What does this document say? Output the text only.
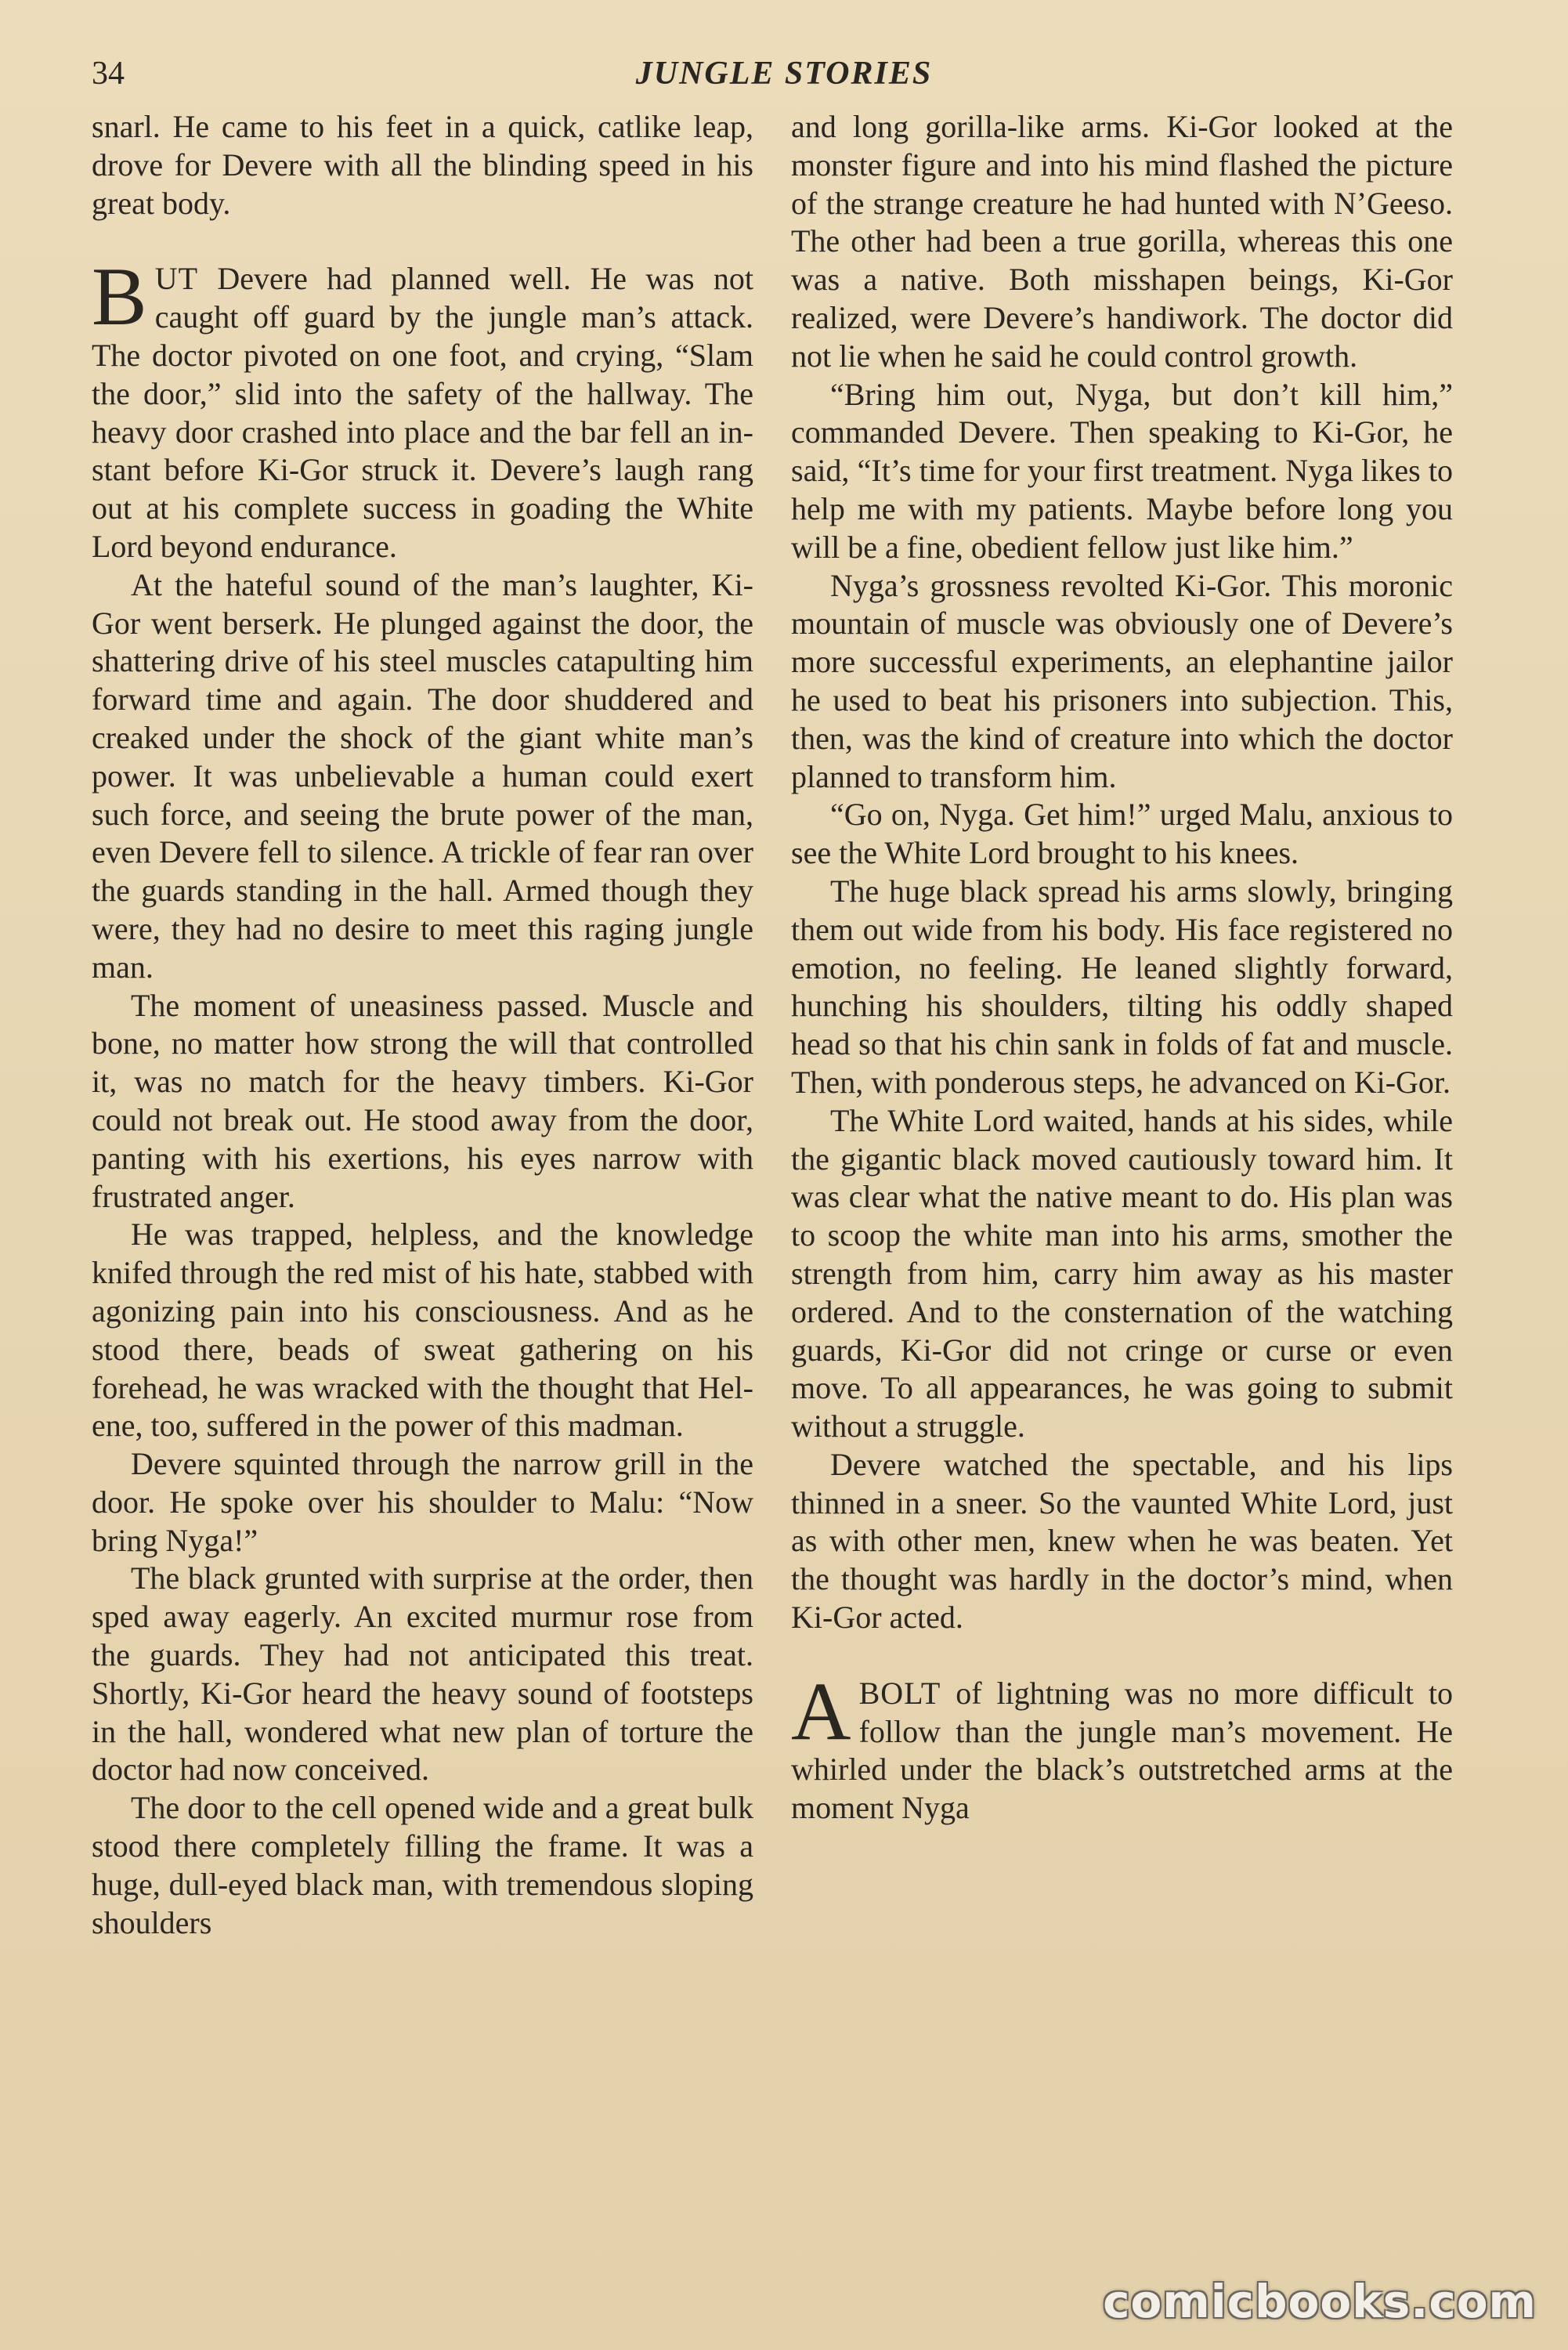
34	JUNGLE STORIES

snarl. He came to his feet in a quick, catlike leap, drove for Devere with all the blinding speed in his great body.

BUT Devere had planned well. He was not caught off guard by the jungle man’s attack. The doctor pivoted on one foot, and crying, “Slam the door,” slid into the safety of the hallway. The heavy door crashed into place and the bar fell an instant before Ki-Gor struck it. Devere’s laugh rang out at his complete success in goading the White Lord beyond endurance.

At the hateful sound of the man’s laughter, Ki-Gor went berserk. He plunged against the door, the shattering drive of his steel muscles catapulting him forward time and again. The door shuddered and creaked under the shock of the giant white man’s power. It was unbelievable a human could exert such force, and seeing the brute power of the man, even Devere fell to silence. A trickle of fear ran over the guards standing in the hall. Armed though they were, they had no desire to meet this raging jungle man.

The moment of uneasiness passed. Muscle and bone, no matter how strong the will that controlled it, was no match for the heavy timbers. Ki-Gor could not break out. He stood away from the door, panting with his exertions, his eyes narrow with frustrated anger.

He was trapped, helpless, and the knowledge knifed through the red mist of his hate, stabbed with agonizing pain into his consciousness. And as he stood there, beads of sweat gathering on his forehead, he was wracked with the thought that Helene, too, suffered in the power of this madman.

Devere squinted through the narrow grill in the door. He spoke over his shoulder to Malu: “Now bring Nyga!”

The black grunted with surprise at the order, then sped away eagerly. An excited murmur rose from the guards. They had not anticipated this treat. Shortly, Ki-Gor heard the heavy sound of footsteps in the hall, wondered what new plan of torture the doctor had now conceived.

The door to the cell opened wide and a great bulk stood there completely filling the frame. It was a huge, dull-eyed black man, with tremendous sloping shoulders

and long gorilla-like arms. Ki-Gor looked at the monster figure and into his mind flashed the picture of the strange creature he had hunted with N’Geeso. The other had been a true gorilla, whereas this one was a native. Both misshapen beings, Ki-Gor realized, were Devere’s handiwork. The doctor did not lie when he said he could control growth.

“Bring him out, Nyga, but don’t kill him,” commanded Devere. Then speaking to Ki-Gor, he said, “It’s time for your first treatment. Nyga likes to help me with my patients. Maybe before long you will be a fine, obedient fellow just like him.”

Nyga’s grossness revolted Ki-Gor. This moronic mountain of muscle was obviously one of Devere’s more successful experiments, an elephantine jailor he used to beat his prisoners into subjection. This, then, was the kind of creature into which the doctor planned to transform him.

“Go on, Nyga. Get him!” urged Malu, anxious to see the White Lord brought to his knees.

The huge black spread his arms slowly, bringing them out wide from his body. His face registered no emotion, no feeling. He leaned slightly forward, hunching his shoulders, tilting his oddly shaped head so that his chin sank in folds of fat and muscle. Then, with ponderous steps, he advanced on Ki-Gor.

The White Lord waited, hands at his sides, while the gigantic black moved cautiously toward him. It was clear what the native meant to do. His plan was to scoop the white man into his arms, smother the strength from him, carry him away as his master ordered. And to the consternation of the watching guards, Ki-Gor did not cringe or curse or even move. To all appearances, he was going to submit without a struggle.

Devere watched the spectable, and his lips thinned in a sneer. So the vaunted White Lord, just as with other men, knew when he was beaten. Yet the thought was hardly in the doctor’s mind, when Ki-Gor acted.

ABOLT of lightning was no more difficult to follow than the jungle man’s movement. He whirled under the black’s outstretched arms at the moment Nyga

comicbooks.com
